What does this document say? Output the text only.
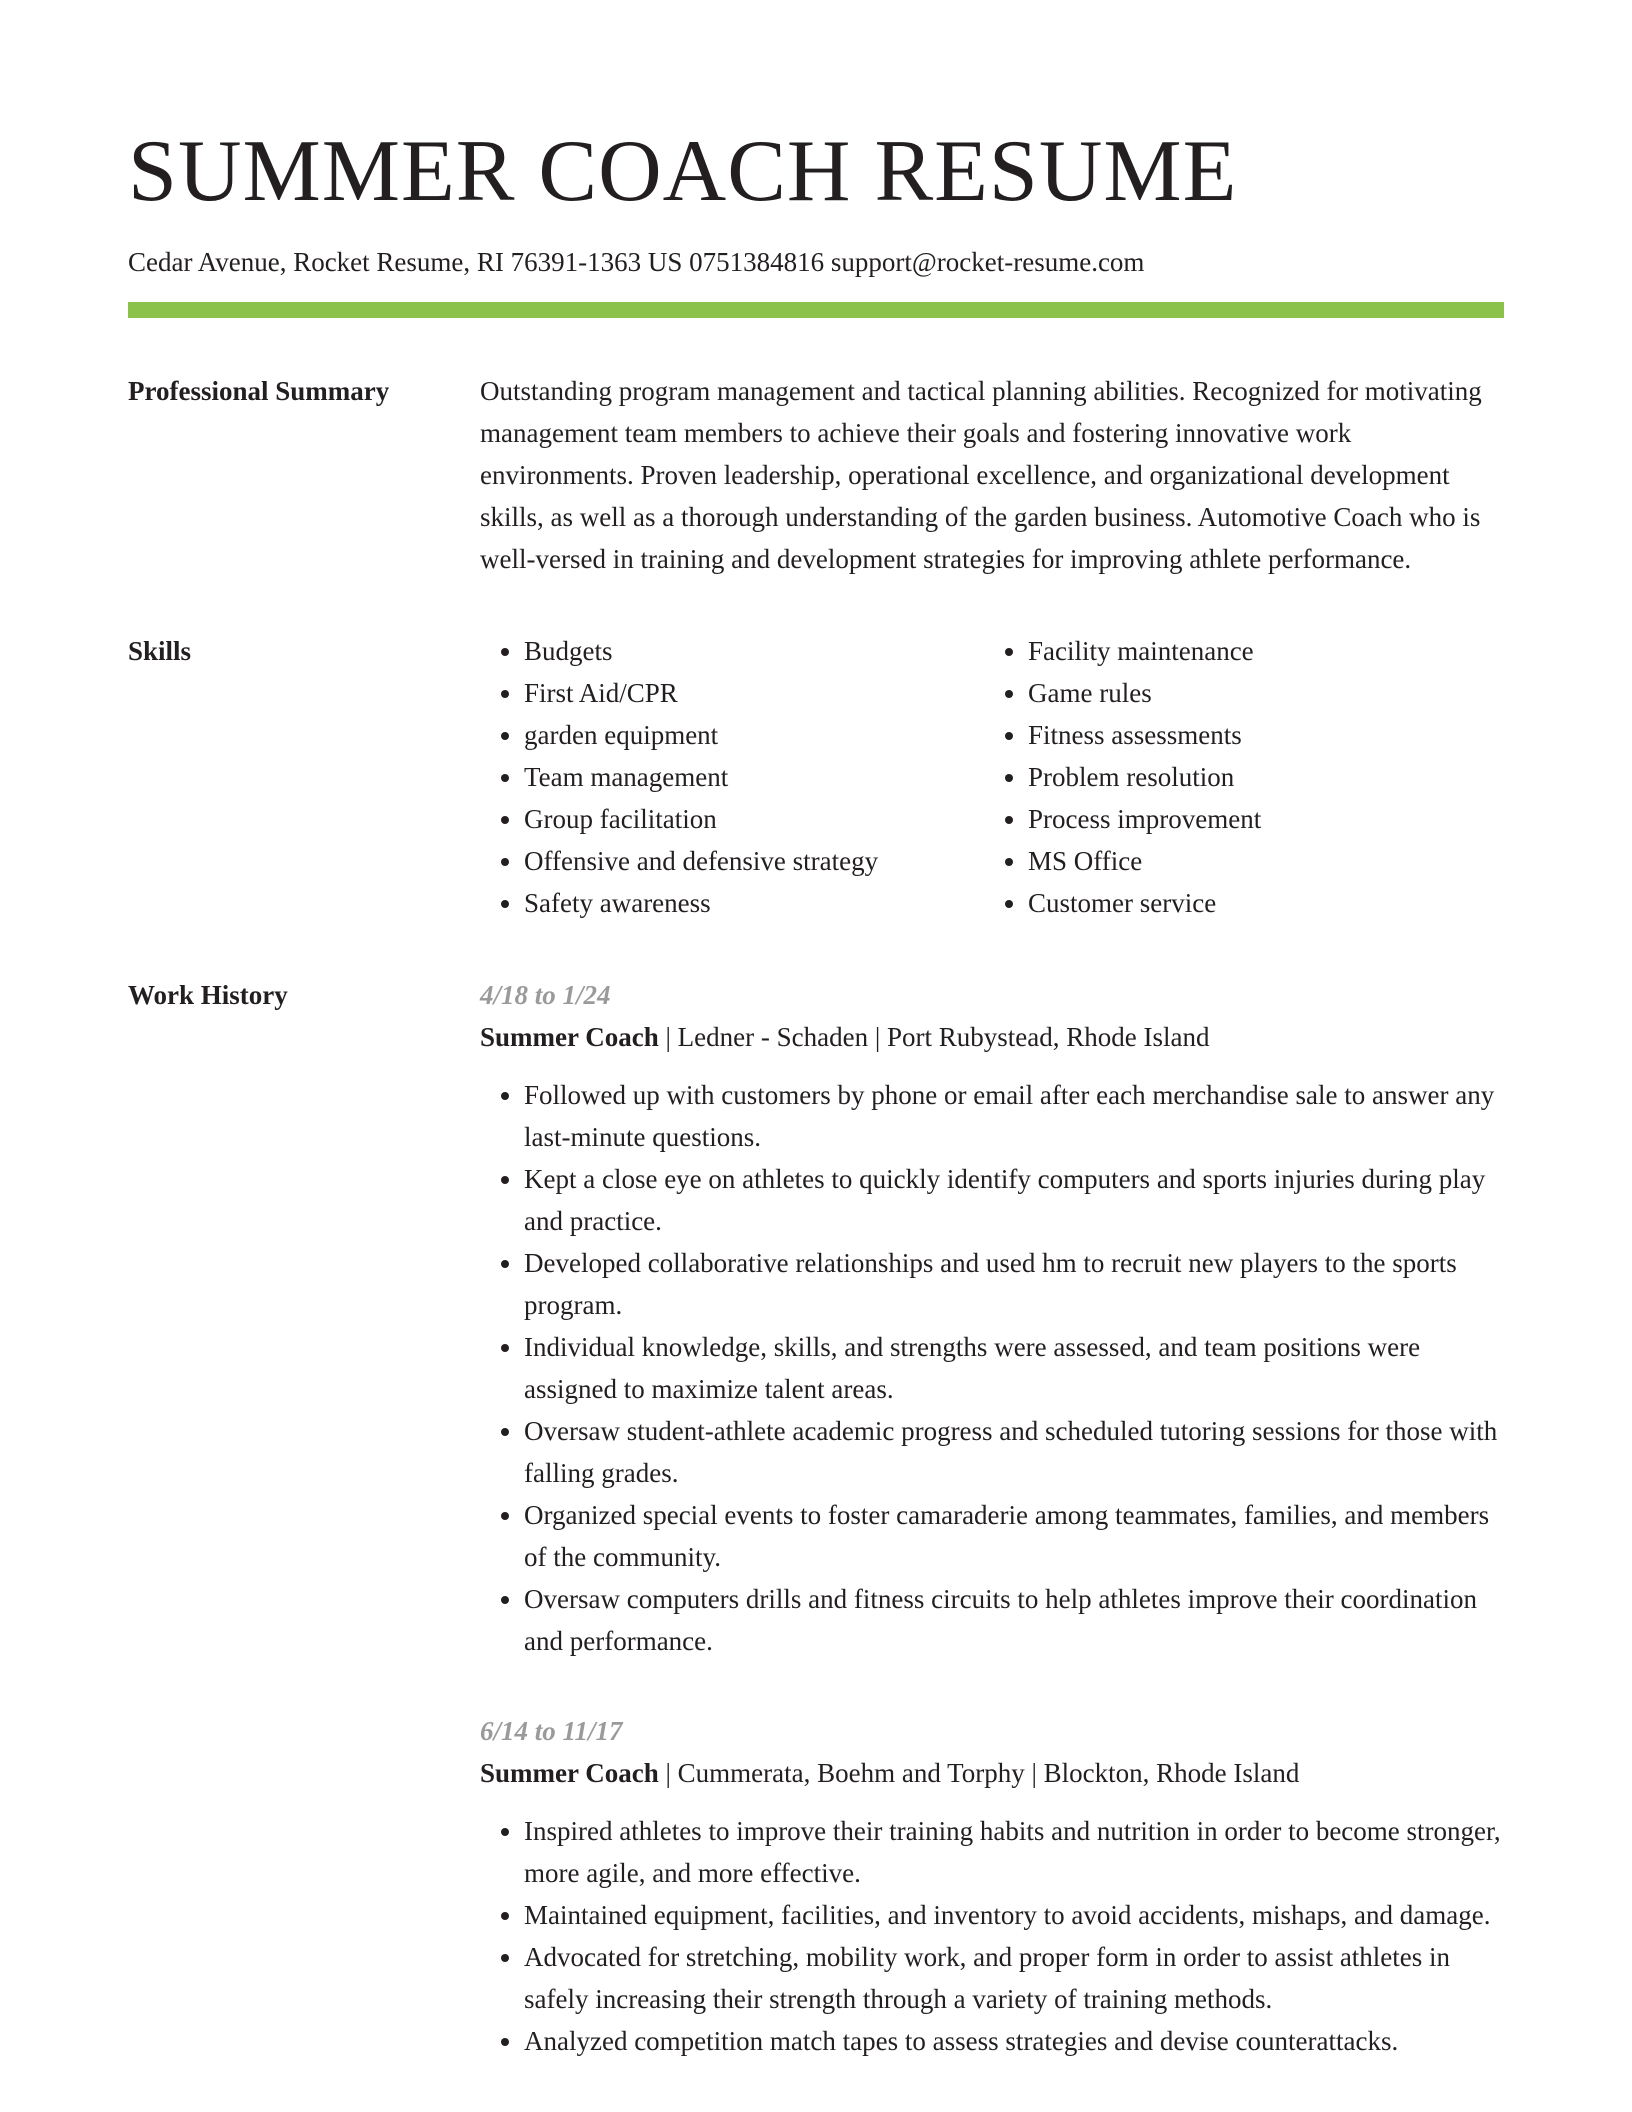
SUMMER COACH RESUME
Cedar Avenue, Rocket Resume, RI 76391-1363 US 0751384816 support@rocket-resume.com
Professional Summary	Outstanding program management and tactical planning abilities. Recognized for motivating management team members to achieve their goals and fostering innovative work environments. Proven leadership, operational excellence, and organizational development skills, as well as a thorough understanding of the garden business. Automotive Coach who is well-versed in training and development strategies for improving athlete performance.

Skills
•	Budgets
• First Aid/CPR
• garden equipment
• Team management
• Group facilitation
• Offensive and defensive strategy
• Safety awareness
• Facility maintenance
• Game rules
• Fitness assessments
• Problem resolution
• Process improvement
• MS Office
• Customer service
Work History	4/18 to 1/24
Summer Coach | Ledner - Schaden | Port Rubystead, Rhode Island
• Followed up with customers by phone or email after each merchandise sale to answer any last-minute questions.
• Kept a close eye on athletes to quickly identify computers and sports injuries during play and practice.
• Developed collaborative relationships and used hm to recruit new players to the sports program.
• Individual knowledge, skills, and strengths were assessed, and team positions were assigned to maximize talent areas.
• Oversaw student-athlete academic progress and scheduled tutoring sessions for those with falling grades.
• Organized special events to foster camaraderie among teammates, families, and members of the community.
• Oversaw computers drills and fitness circuits to help athletes improve their coordination and performance.
6/14 to 11/17
Summer Coach | Cummerata, Boehm and Torphy | Blockton, Rhode Island
• Inspired athletes to improve their training habits and nutrition in order to become stronger, more agile, and more effective.
• Maintained equipment, facilities, and inventory to avoid accidents, mishaps, and damage.
• Advocated for stretching, mobility work, and proper form in order to assist athletes in safely increasing their strength through a variety of training methods.
• Analyzed competition match tapes to assess strategies and devise counterattacks.
